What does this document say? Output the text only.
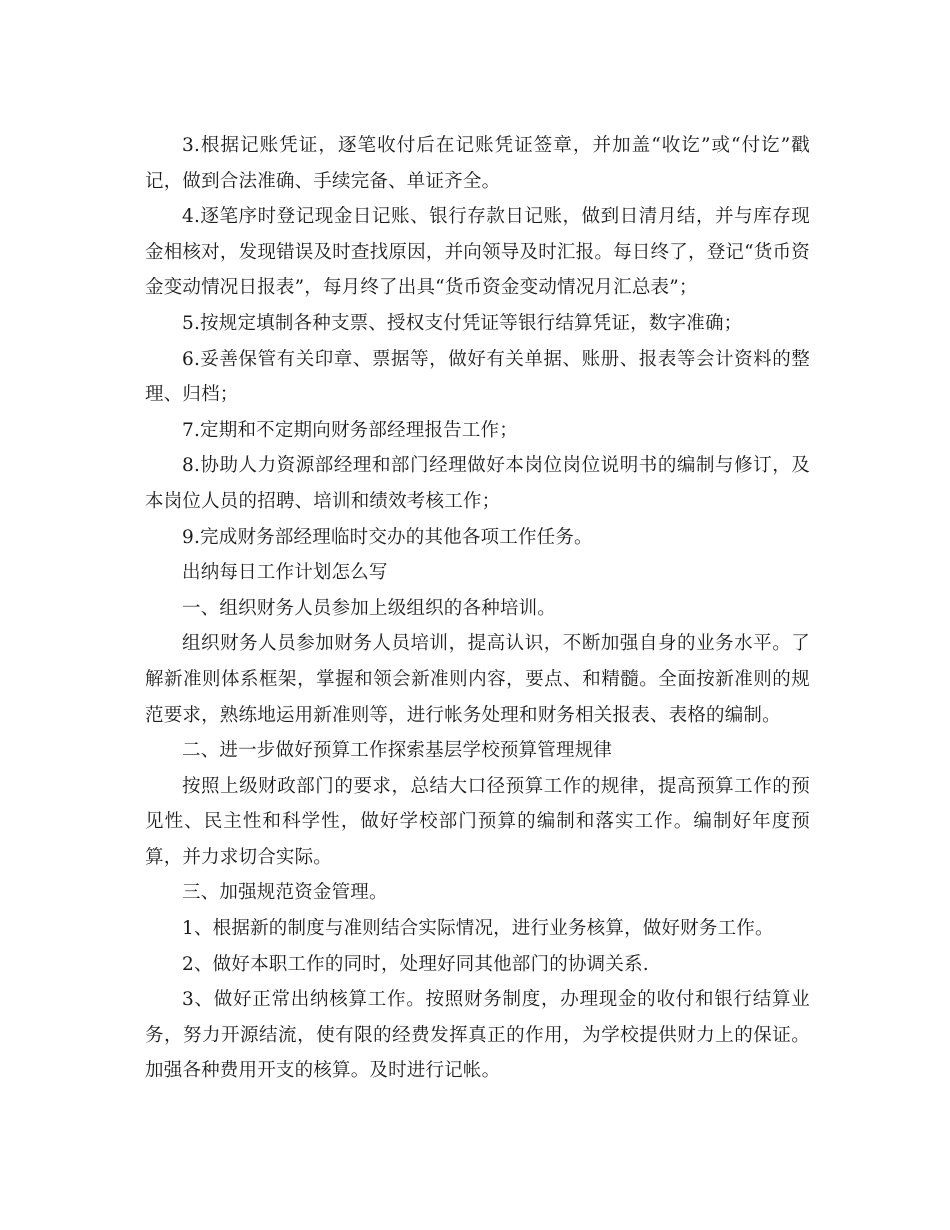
3.根据记账凭证，逐笔收付后在记账凭证签章，并加盖“收讫”或“付讫”戳记，做到合法准确、手续完备、单证齐全。

4.逐笔序时登记现金日记账、银行存款日记账，做到日清月结，并与库存现金相核对，发现错误及时查找原因，并向领导及时汇报。每日终了，登记“货币资金变动情况日报表”，每月终了出具“货币资金变动情况月汇总表”；

5.按规定填制各种支票、授权支付凭证等银行结算凭证，数字准确；

6.妥善保管有关印章、票据等，做好有关单据、账册、报表等会计资料的整理、归档；

7.定期和不定期向财务部经理报告工作；

8.协助人力资源部经理和部门经理做好本岗位岗位说明书的编制与修订，及本岗位人员的招聘、培训和绩效考核工作；

9.完成财务部经理临时交办的其他各项工作任务。

出纳每日工作计划怎么写

一、组织财务人员参加上级组织的各种培训。

组织财务人员参加财务人员培训，提高认识，不断加强自身的业务水平。了解新准则体系框架，掌握和领会新准则内容，要点、和精髓。全面按新准则的规范要求，熟练地运用新准则等，进行帐务处理和财务相关报表、表格的编制。

二、进一步做好预算工作探索基层学校预算管理规律

按照上级财政部门的要求，总结大口径预算工作的规律，提高预算工作的预见性、民主性和科学性，做好学校部门预算的编制和落实工作。编制好年度预算，并力求切合实际。

三、加强规范资金管理。

1、根据新的制度与准则结合实际情况，进行业务核算，做好财务工作。

2、做好本职工作的同时，处理好同其他部门的协调关系.

3、做好正常出纳核算工作。按照财务制度，办理现金的收付和银行结算业务，努力开源结流，使有限的经费发挥真正的作用，为学校提供财力上的保证。加强各种费用开支的核算。及时进行记帐。
